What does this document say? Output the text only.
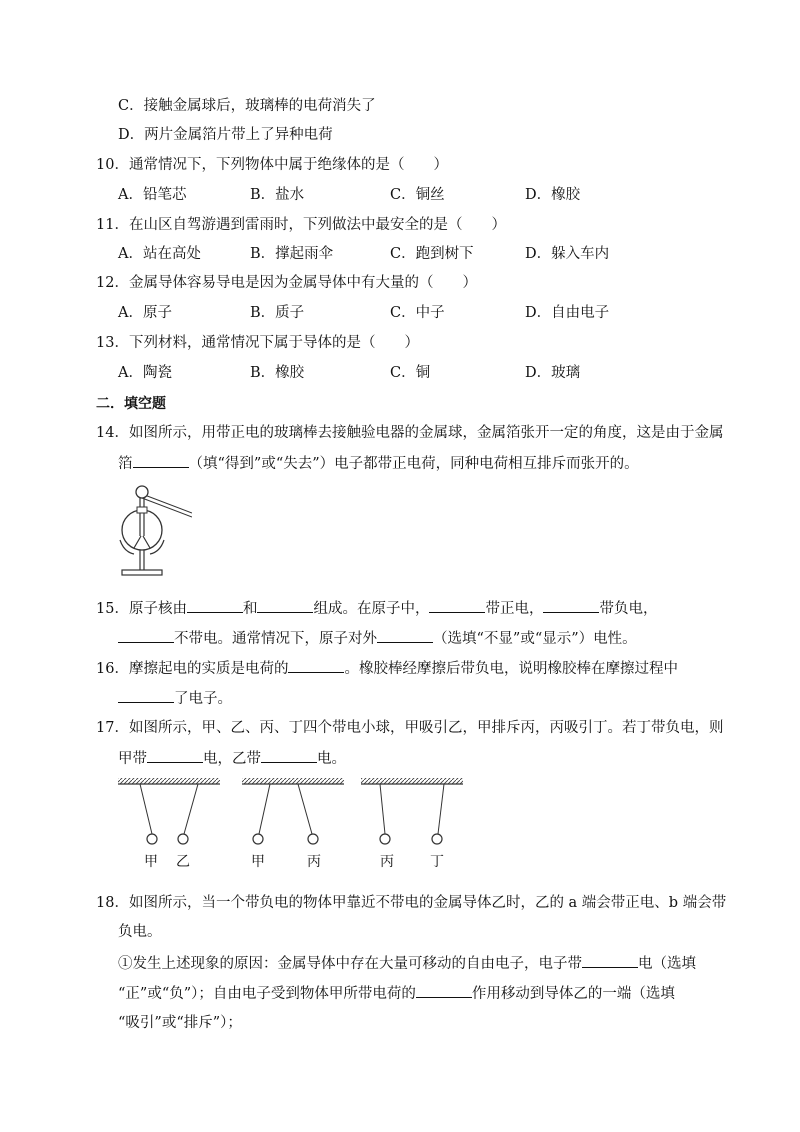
C．接触金属球后，玻璃棒的电荷消失了
D．两片金属箔片带上了异种电荷
10．通常情况下，下列物体中属于绝缘体的是（　　）
A．铅笔芯	B．盐水	C．铜丝	D．橡胶
11．在山区自驾游遇到雷雨时，下列做法中最安全的是（　　）
A．站在高处	B．撑起雨伞	C．跑到树下	D．躲入车内
12．金属导体容易导电是因为金属导体中有大量的（　　）
A．原子	B．质子	C．中子	D．自由电子
13．下列材料，通常情况下属于导体的是（　　）
A．陶瓷	B．橡胶	C．铜	D．玻璃
二．填空题
14．如图所示，用带正电的玻璃棒去接触验电器的金属球，金属箔张开一定的角度，这是由于金属
箔	（填“得到”或“失去”）电子都带正电荷，同种电荷相互排斥而张开的。
15．原子核由	和	组成。在原子中，	带正电，	带负电，
不带电。通常情况下，原子对外	（选填“不显”或“显示”）电性。
16．摩擦起电的实质是电荷的	。橡胶棒经摩擦后带负电，说明橡胶棒在摩擦过程中
了电子。
17．如图所示，甲、乙、丙、丁四个带电小球，甲吸引乙，甲排斥丙，丙吸引丁。若丁带负电，则
甲带	电，乙带	电。
甲 乙	甲	丙	丙	丁
18．如图所示，当一个带负电的物体甲靠近不带电的金属导体乙时，乙的 a 端会带正电、b 端会带
负电。
①发生上述现象的原因：金属导体中存在大量可移动的自由电子，电子带	电（选填
“正”或“负”）；自由电子受到物体甲所带电荷的	作用移动到导体乙的一端（选填
“吸引”或“排斥”）；
